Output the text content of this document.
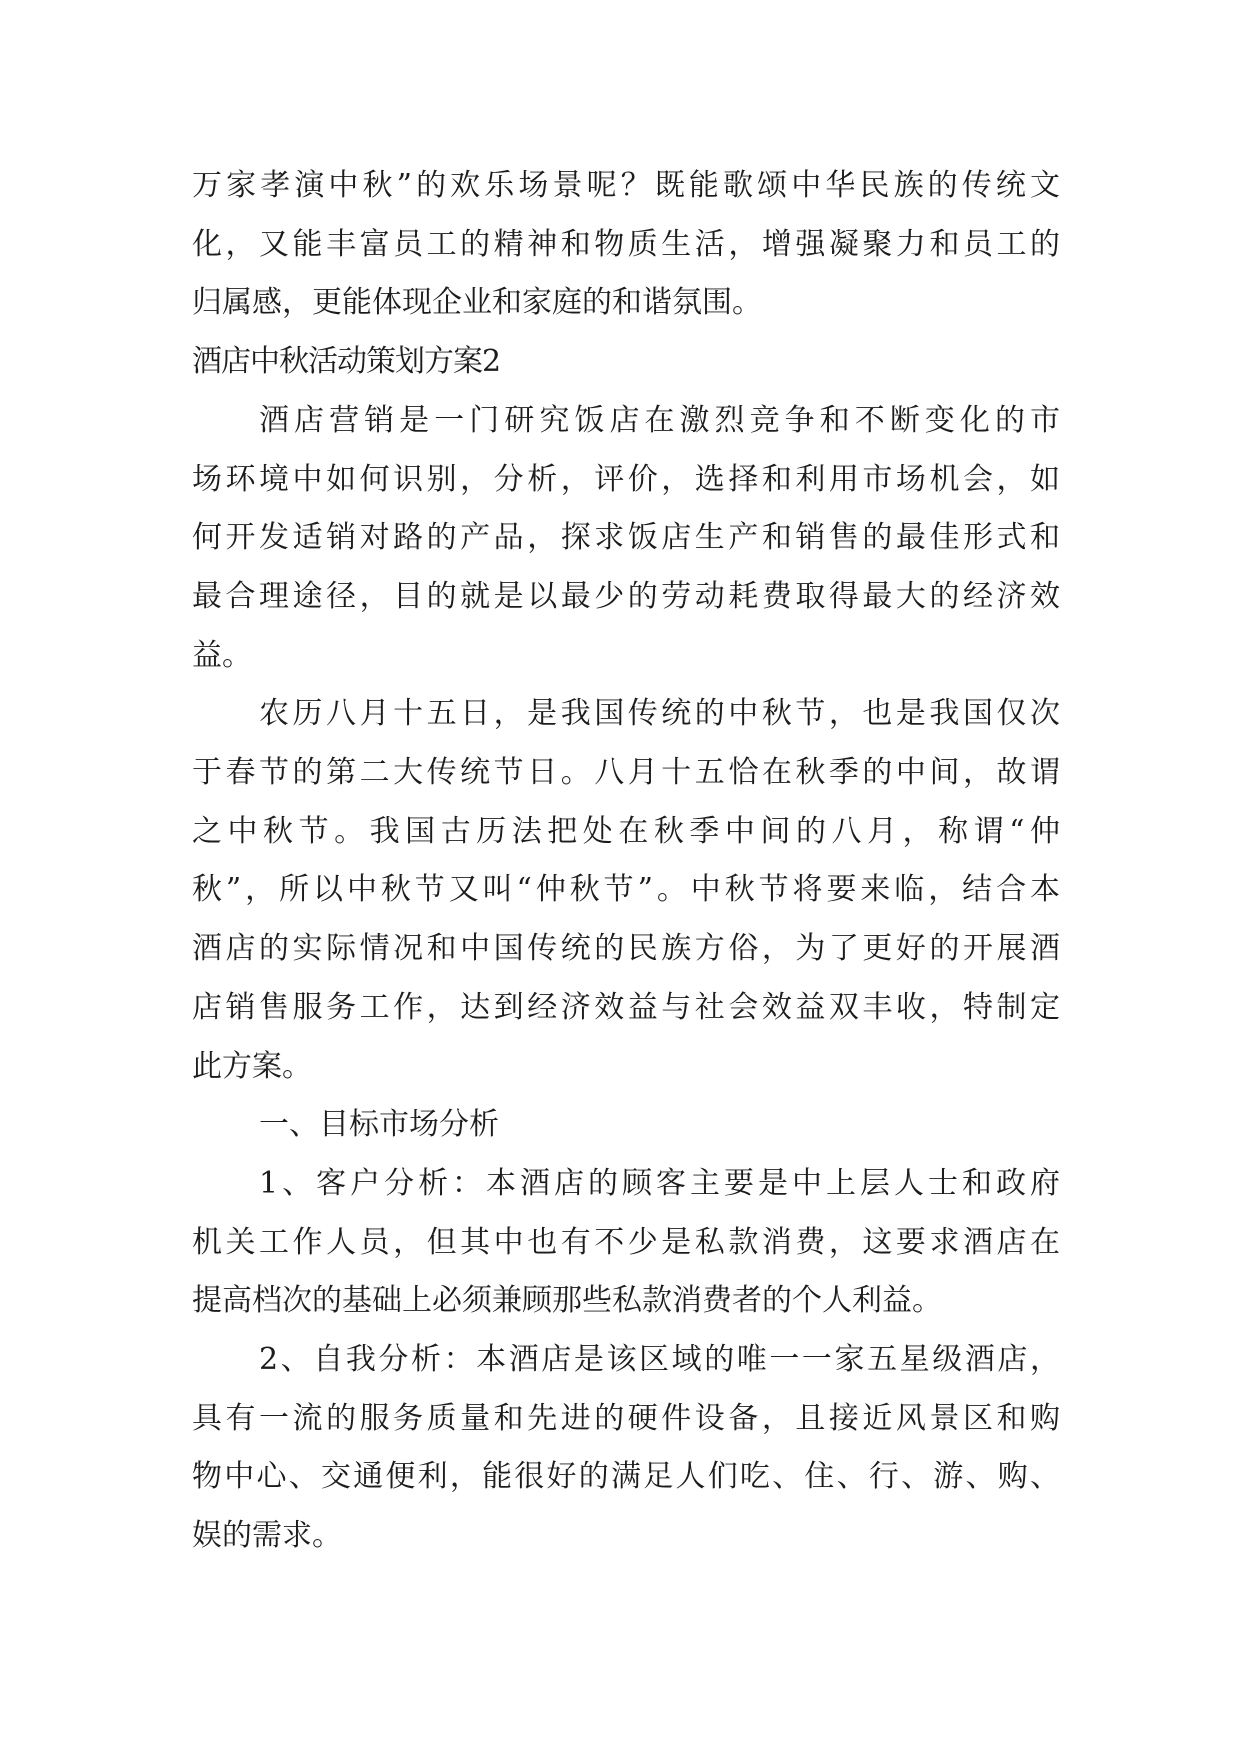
万家孝演中秋”的欢乐场景呢？既能歌颂中华民族的传统文
化，又能丰富员工的精神和物质生活，增强凝聚力和员工的
归属感，更能体现企业和家庭的和谐氛围。
酒店中秋活动策划方案2
酒店营销是一门研究饭店在激烈竞争和不断变化的市
场环境中如何识别，分析，评价，选择和利用市场机会，如
何开发适销对路的产品，探求饭店生产和销售的最佳形式和
最合理途径，目的就是以最少的劳动耗费取得最大的经济效
益。
农历八月十五日，是我国传统的中秋节，也是我国仅次
于春节的第二大传统节日。八月十五恰在秋季的中间，故谓
之中秋节。我国古历法把处在秋季中间的八月，称谓“仲
秋”，所以中秋节又叫“仲秋节”。中秋节将要来临，结合本
酒店的实际情况和中国传统的民族方俗，为了更好的开展酒
店销售服务工作，达到经济效益与社会效益双丰收，特制定
此方案。
一、目标市场分析
1、客户分析：本酒店的顾客主要是中上层人士和政府
机关工作人员，但其中也有不少是私款消费，这要求酒店在
提高档次的基础上必须兼顾那些私款消费者的个人利益。
2、自我分析：本酒店是该区域的唯一一家五星级酒店，
具有一流的服务质量和先进的硬件设备，且接近风景区和购
物中心、交通便利，能很好的满足人们吃、住、行、游、购、
娱的需求。
